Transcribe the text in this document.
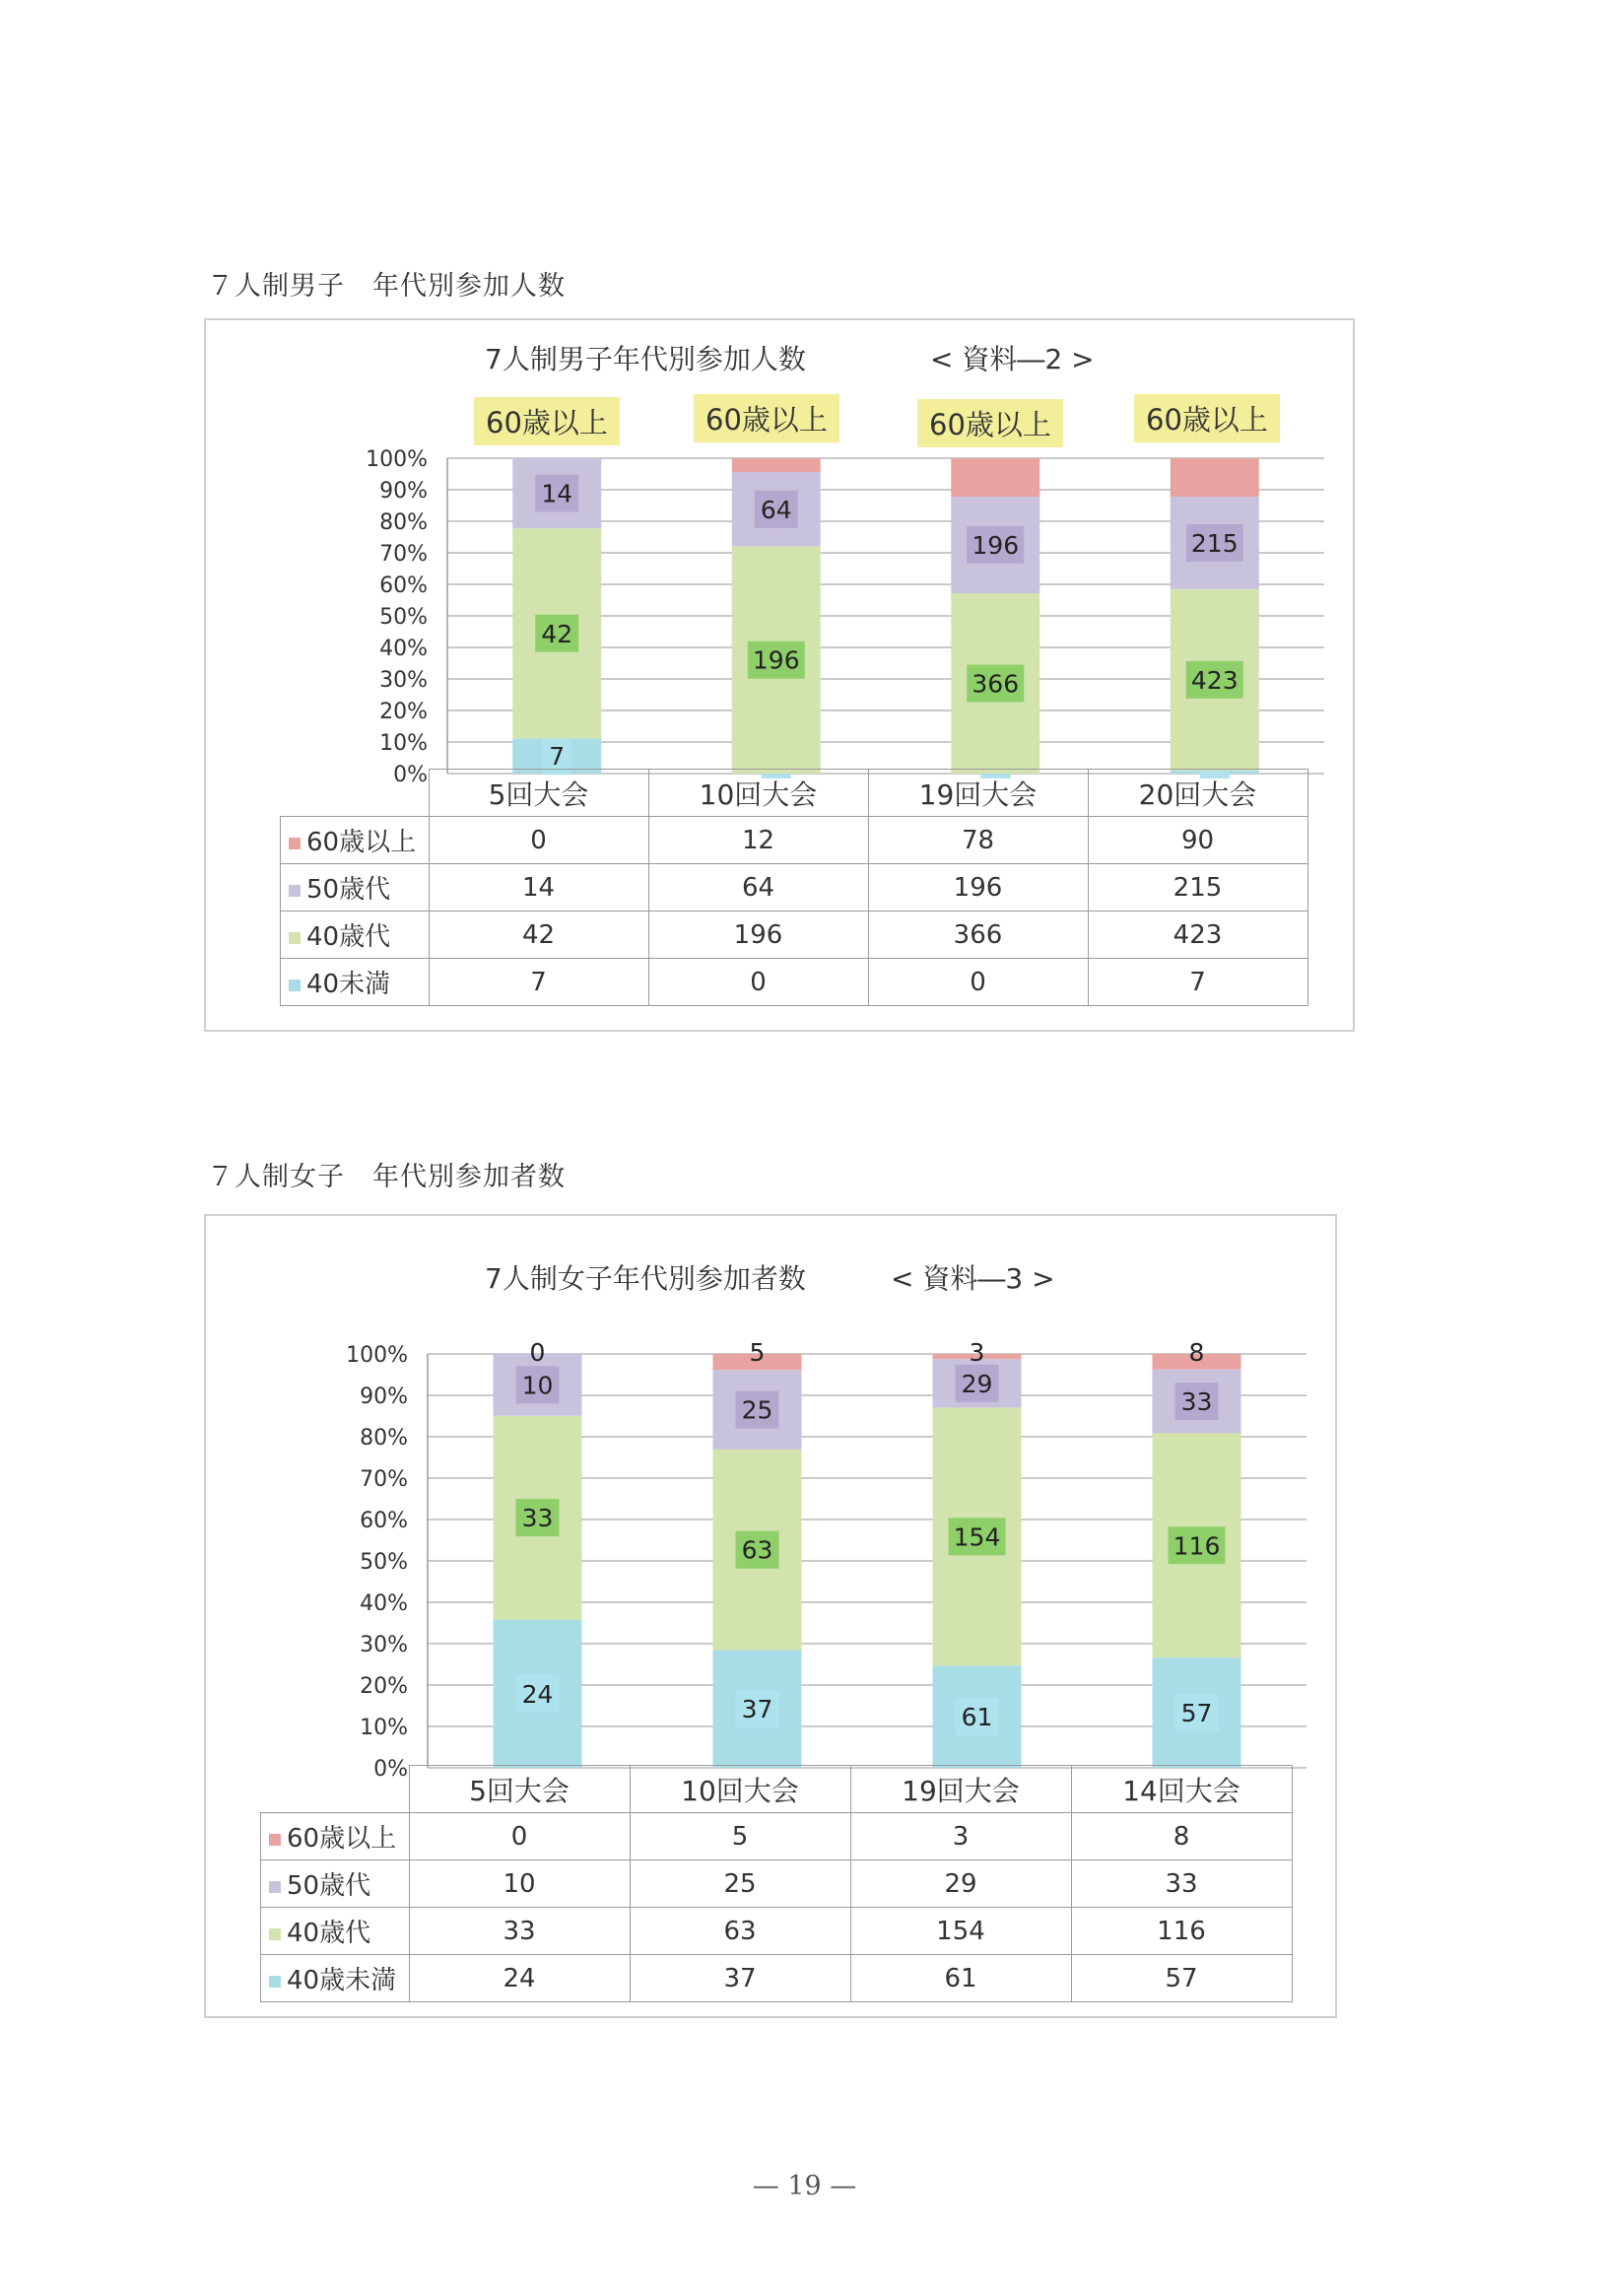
７人制男子　年代別参加人数
7人制男子年代別参加人数	< 資料―2 >
60歳以上	60歳以上	60歳以上	60歳以上
0%
10%
20%
30%
40%
50%
60%
70%
80%
90%
100%
7
42
14
196
64
366
196
423
215
	5回大会	10回大会	19回大会	20回大会
60歳以上	0	12	78	90
50歳代	14	64	196	215
40歳代	42	196	366	423
40未満	7	0	0	7
７人制女子　年代別参加者数
7人制女子年代別参加者数	< 資料―3 >
0%
10%
20%
30%
40%
50%
60%
70%
80%
90%
100%
24
33
10
0
37
63
25
5
61
154
29
3
57
116
33
8
	5回大会	10回大会	19回大会	14回大会
60歳以上	0	5	3	8
50歳代	10	25	29	33
40歳代	33	63	154	116
40歳未満	24	37	61	57
— 19 —
